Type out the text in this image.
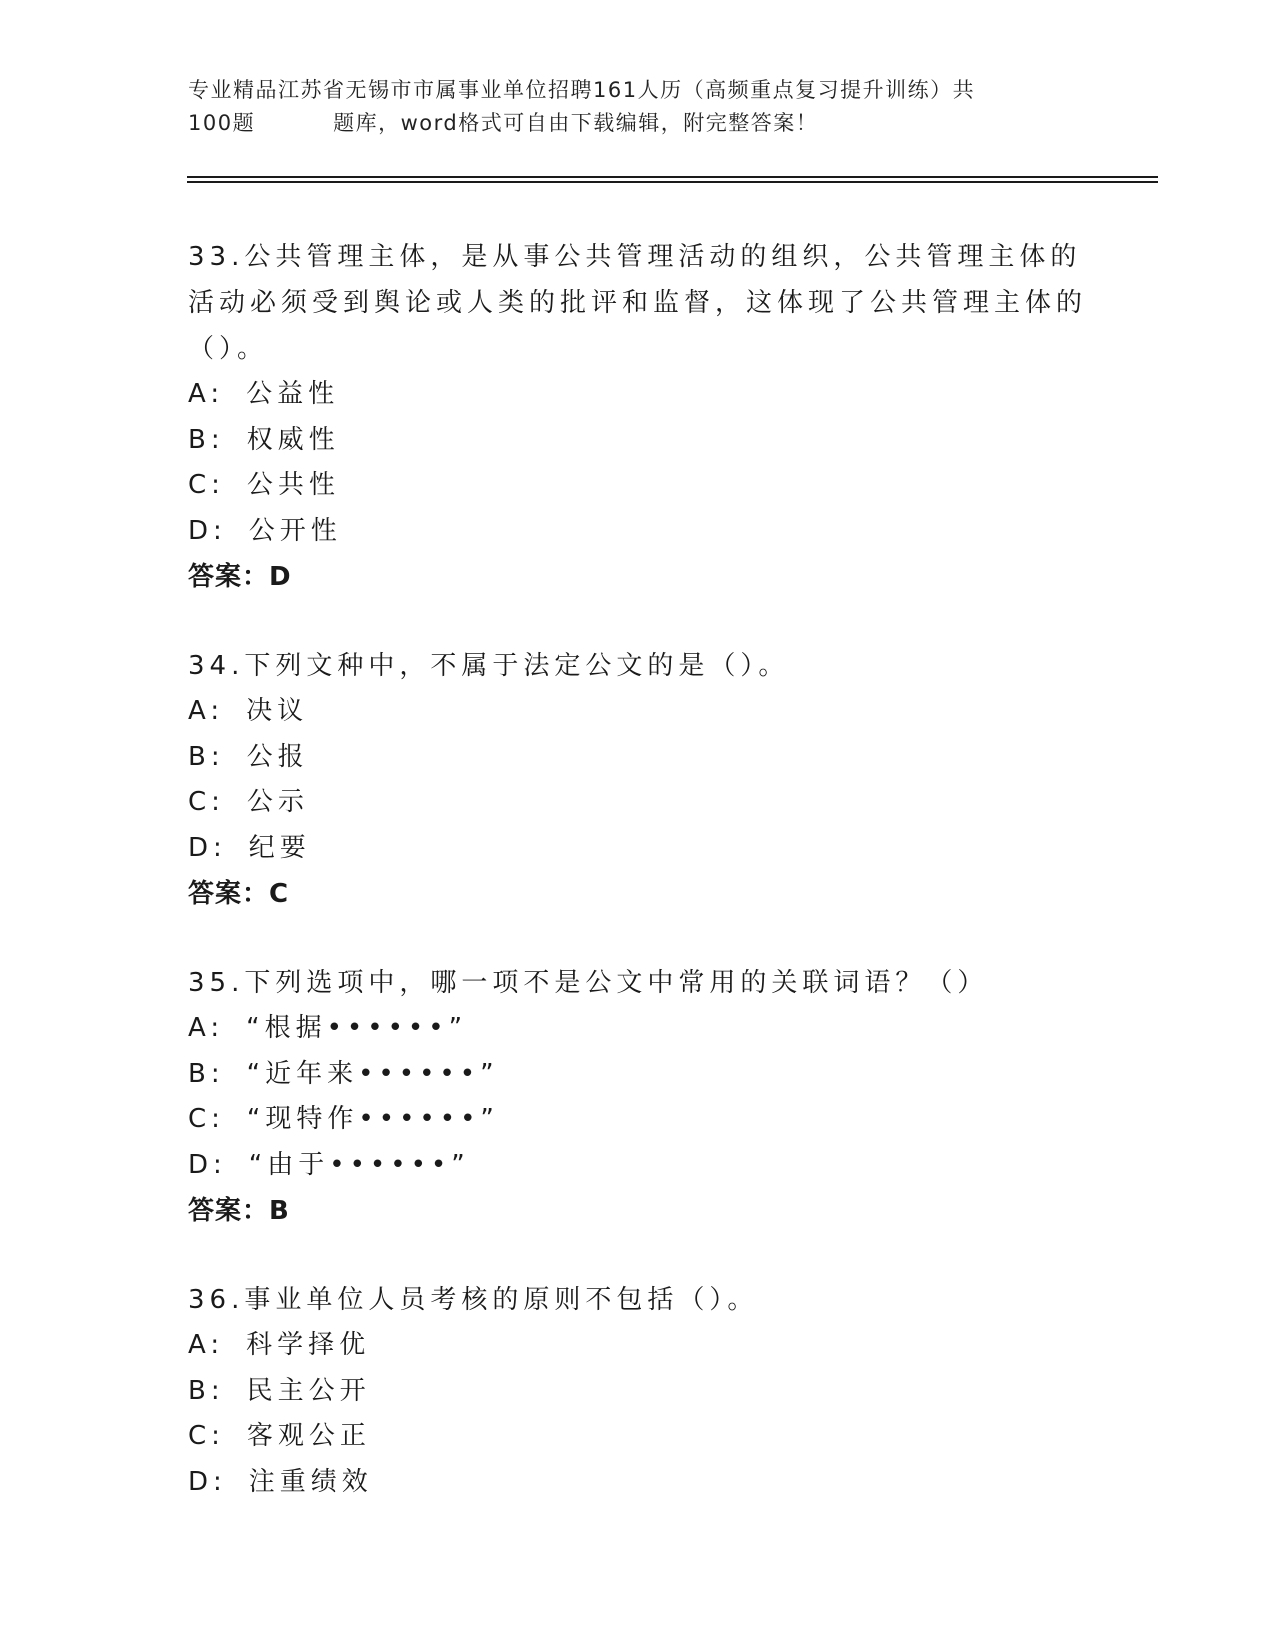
专业精品江苏省无锡市市属事业单位招聘161人历（高频重点复习提升训练）共
100题	题库，word格式可自由下载编辑，附完整答案！

33.公共管理主体，是从事公共管理活动的组织，公共管理主体的活动必须受到舆论或人类的批评和监督，这体现了公共管理主体的（）。

A: 公益性
B: 权威性
C: 公共性
D: 公开性
答案：D

34.下列文种中，不属于法定公文的是（）。

A: 决议
B: 公报
C: 公示
D: 纪要
答案：C

35.下列选项中，哪一项不是公文中常用的关联词语？（）

A: “根据••••••”
B: “近年来••••••”
C: “现特作••••••”
D: “由于••••••”
答案：B

36.事业单位人员考核的原则不包括（）。

A: 科学择优
B: 民主公开
C: 客观公正
D: 注重绩效
